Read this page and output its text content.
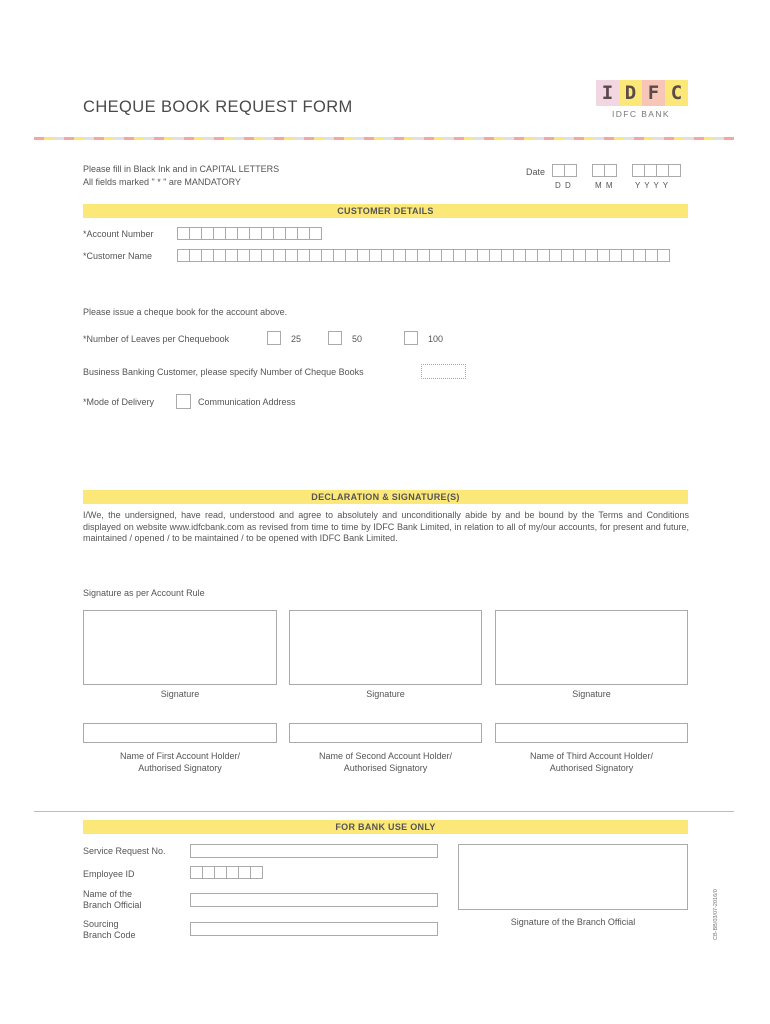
CHEQUE BOOK REQUEST FORM
I D F C
IDFC BANK
Please fill in Black Ink and in CAPITAL LETTERS
All fields marked " * " are MANDATORY
Date
D D	M M	Y Y Y Y
CUSTOMER DETAILS
*Account Number
*Customer Name
Please issue a cheque book for the account above.
*Number of Leaves per Chequebook	25	50	100
Business Banking Customer, please specify Number of Cheque Books
*Mode of Delivery	Communication Address
DECLARATION & SIGNATURE(S)
I/We, the undersigned, have read, understood and agree to absolutely and unconditionally abide by and be bound by the Terms and Conditions displayed on website www.idfcbank.com as revised from time to time by IDFC Bank Limited, in relation to all of my/our accounts, for present and future, maintained / opened / to be maintained / to be opened with IDFC Bank Limited.
Signature as per Account Rule
Signature	Signature	Signature
Name of First Account Holder/
Authorised Signatory
Name of Second Account Holder/
Authorised Signatory
Name of Third Account Holder/
Authorised Signatory
FOR BANK USE ONLY
Service Request No.
Employee ID
Name of the
Branch Official
Sourcing
Branch Code
Signature of the Branch Official	CB-BB/03/07-2016/0
